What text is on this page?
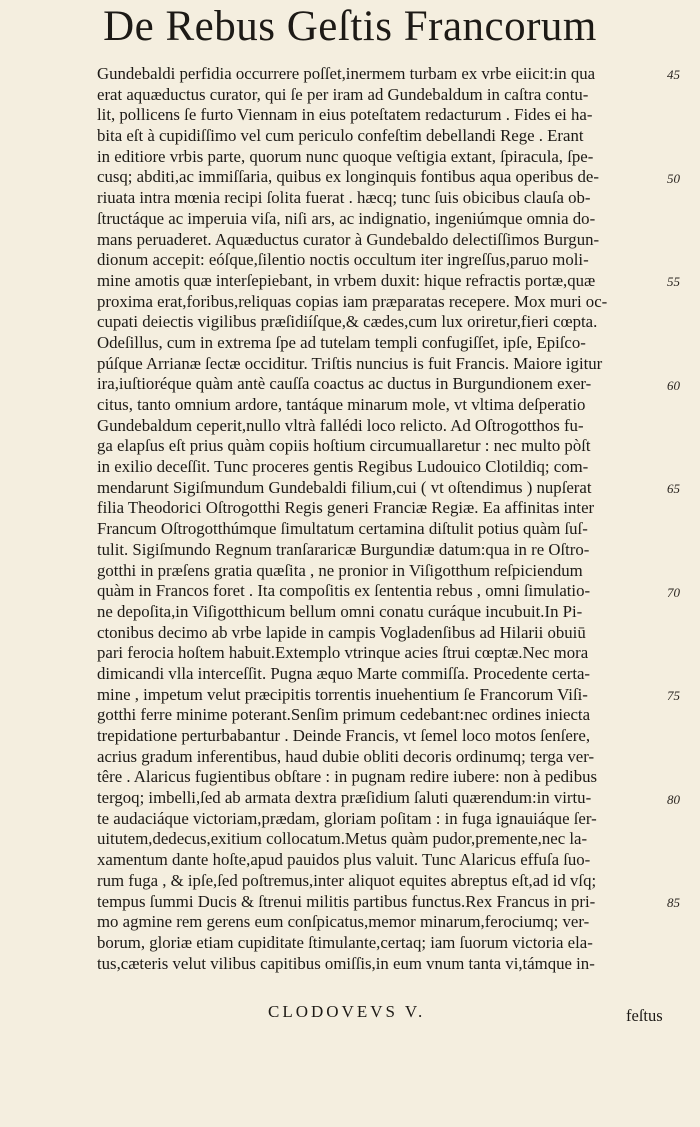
De Rebus Geſtis Francorum
Gundebaldi perfidia occurrere poſſet,inermem turbam ex vrbe eiicit:in qua
erat aquæductus curator, qui ſe per iram ad Gundebaldum in caſtra contu-
lit, pollicens ſe furto Viennam in eius poteſtatem redacturum . Fides ei ha-
bita eſt à cupidiſſimo vel cum periculo confeſtim debellandi Rege . Erant
in editiore vrbis parte, quorum nunc quoque veſtigia extant, ſpiracula, ſpe-
cusq; abditi,ac immiſſaria, quibus ex longinquis fontibus aqua operibus de-
riuata intra mœnia recipi ſolita fuerat . hæcq; tunc ſuis obicibus clauſa ob-
ſtructáque ac imperuia viſa, niſi ars, ac indignatio, ingeniúmque omnia do-
mans peruaderet. Aquæductus curator à Gundebaldo delectiſſimos Burgun-
dionum accepit: eóſque,ſilentio noctis occultum iter ingreſſus,paruo moli-
mine amotis quæ interſepiebant, in vrbem duxit: hique refractis portæ,quæ
proxima erat,foribus,reliquas copias iam præparatas recepere. Mox muri oc-
cupati deiectis vigilibus præſidiíſque,& cædes,cum lux oriretur,fieri cœpta.
Odeſillus, cum in extrema ſpe ad tutelam templi confugiſſet, ipſe, Epiſco-
púſque Arrianæ ſectæ occiditur. Triſtis nuncius is fuit Francis. Maiore igitur
ira,iuſtioréque quàm antè cauſſa coactus ac ductus in Burgundionem exer-
citus, tanto omnium ardore, tantáque minarum mole, vt vltima deſperatio
Gundebaldum ceperit,nullo vltrà fallédi loco relicto. Ad Oſtrogotthos fu-
ga elapſus eſt prius quàm copiis hoſtium circumuallaretur : nec multo pòſt
in exilio deceſſit. Tunc proceres gentis Regibus Ludouico Clotildiq; com-
mendarunt Sigiſmundum Gundebaldi filium,cui ( vt oſtendimus ) nupſerat
filia Theodorici Oſtrogotthi Regis generi Franciæ Regiæ. Ea affinitas inter
Francum Oſtrogotthúmque ſimultatum certamina diſtulit potius quàm ſuſ-
tulit. Sigiſmundo Regnum tranſararicæ Burgundiæ datum:qua in re Oſtro-
gotthi in præſens gratia quæſita , ne pronior in Viſigotthum reſpiciendum
quàm in Francos foret . Ita compoſitis ex ſententia rebus , omni ſimulatio-
ne depoſita,in Viſigotthicum bellum omni conatu curáque incubuit.In Pi-
ctonibus decimo ab vrbe lapide in campis Vogladenſibus ad Hilarii obuiū
pari ferocia hoſtem habuit.Extemplo vtrinque acies ſtrui cœptæ.Nec mora
dimicandi vlla interceſſit. Pugna æquo Marte commiſſa. Procedente certa-
mine , impetum velut præcipitis torrentis inuehentium ſe Francorum Viſi-
gotthi ferre minime poterant.Senſim primum cedebant:nec ordines iniecta
trepidatione perturbabantur . Deinde Francis, vt ſemel loco motos ſenſere,
acrius gradum inferentibus, haud dubie obliti decoris ordinumq; terga ver-
têre . Alaricus fugientibus obſtare : in pugnam redire iubere: non à pedibus
tergoq; imbelli,ſed ab armata dextra præſidium ſaluti quærendum:in virtu-
te audaciáque victoriam,prædam, gloriam poſitam : in fuga ignauiáque ſer-
uitutem,dedecus,exitium collocatum.Metus quàm pudor,premente,nec la-
xamentum dante hoſte,apud pauidos plus valuit. Tunc Alaricus effuſa ſuo-
rum fuga , & ipſe,ſed poſtremus,inter aliquot equites abreptus eſt,ad id vſq;
tempus ſummi Ducis & ſtrenui militis partibus functus.Rex Francus in pri-
mo agmine rem gerens eum conſpicatus,memor minarum,ferociumq; ver-
borum, gloriæ etiam cupiditate ſtimulante,certaq; iam ſuorum victoria ela-
tus,cæteris velut vilibus capitibus omiſſis,in eum vnum tanta vi,támque in-
45
50
55
60
65
70
75
80
85
CLODOVEVS V.	feſtus
